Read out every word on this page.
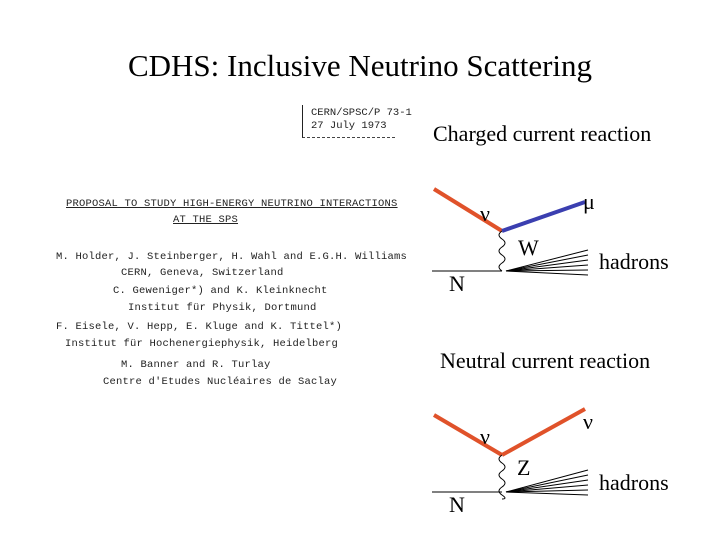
CDHS: Inclusive Neutrino Scattering
CERN/SPSC/P 73-1
27 July 1973
PROPOSAL TO STUDY HIGH-ENERGY NEUTRINO INTERACTIONS
AT THE SPS
M. Holder, J. Steinberger, H. Wahl and E.G.H. Williams
CERN, Geneva, Switzerland
C. Geweniger*) and K. Kleinknecht
Institut für Physik, Dortmund
F. Eisele, V. Hepp, E. Kluge and K. Tittel*)
Institut für Hochenergiephysik, Heidelberg
M. Banner and R. Turlay
Centre d'Etudes Nucléaires de Saclay
Charged current reaction
Neutral current reaction
ν	μ
W
N
hadrons
ν
ν
Z
N
hadrons
